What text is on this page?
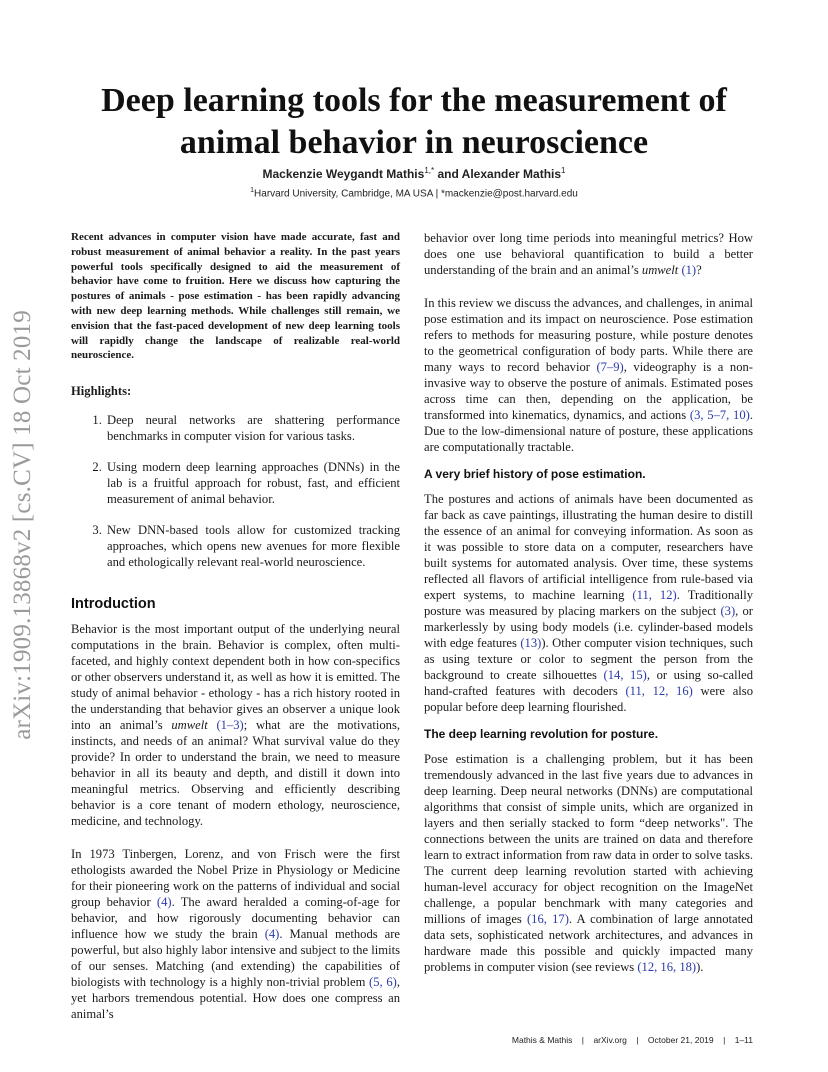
arXiv:1909.13868v2 [cs.CV] 18 Oct 2019
Deep learning tools for the measurement of
animal behavior in neuroscience
Mackenzie Weygandt Mathis$^{1,*}$ and Alexander Mathis$^1$
$^1$Harvard University, Cambridge, MA USA | *mackenzie@post.harvard.edu

Recent advances in computer vision have made accurate, fast and robust measurement of animal behavior a reality. In the past years powerful tools specifically designed to aid the measurement of behavior have come to fruition. Here we discuss how capturing the postures of animals - pose estimation - has been rapidly advancing with new deep learning methods. While challenges still remain, we envision that the fast-paced development of new deep learning tools will rapidly change the landscape of realizable real-world neuroscience.

Highlights:
1. Deep neural networks are shattering performance benchmarks in computer vision for various tasks.
2. Using modern deep learning approaches (DNNs) in the lab is a fruitful approach for robust, fast, and efficient measurement of animal behavior.
3. New DNN-based tools allow for customized tracking approaches, which opens new avenues for more flexible and ethologically relevant real-world neuroscience.
Introduction

Behavior is the most important output of the underlying neural computations in the brain. Behavior is complex, often multi-faceted, and highly context dependent both in how con-specifics or other observers understand it, as well as how it is emitted. The study of animal behavior - ethology - has a rich history rooted in the understanding that behavior gives an observer a unique look into an animal’s umwelt (1–3); what are the motivations, instincts, and needs of an animal? What survival value do they provide? In order to understand the brain, we need to measure behavior in all its beauty and depth, and distill it down into meaningful metrics. Observing and efficiently describing behavior is a core tenant of modern ethology, neuroscience, medicine, and technology.

In 1973 Tinbergen, Lorenz, and von Frisch were the first ethologists awarded the Nobel Prize in Physiology or Medicine for their pioneering work on the patterns of individual and social group behavior (4). The award heralded a coming-of-age for behavior, and how rigorously documenting behavior can influence how we study the brain (4). Manual methods are powerful, but also highly labor intensive and subject to the limits of our senses. Matching (and extending) the capabilities of biologists with technology is a highly non-trivial problem (5, 6), yet harbors tremendous potential. How does one compress an animal’s

behavior over long time periods into meaningful metrics? How does one use behavioral quantification to build a better understanding of the brain and an animal’s umwelt (1)?

In this review we discuss the advances, and challenges, in animal pose estimation and its impact on neuroscience. Pose estimation refers to methods for measuring posture, while posture denotes to the geometrical configuration of body parts. While there are many ways to record behavior (7–9), videography is a non-invasive way to observe the posture of animals. Estimated poses across time can then, depending on the application, be transformed into kinematics, dynamics, and actions (3, 5–7, 10). Due to the low-dimensional nature of posture, these applications are computationally tractable.

A very brief history of pose estimation.

The postures and actions of animals have been documented as far back as cave paintings, illustrating the human desire to distill the essence of an animal for conveying information. As soon as it was possible to store data on a computer, researchers have built systems for automated analysis. Over time, these systems reflected all flavors of artificial intelligence from rule-based via expert systems, to machine learning (11, 12). Traditionally posture was measured by placing markers on the subject (3), or markerlessly by using body models (i.e. cylinder-based models with edge features (13)). Other computer vision techniques, such as using texture or color to segment the person from the background to create silhouettes (14, 15), or using so-called hand-crafted features with decoders (11, 12, 16) were also popular before deep learning flourished.

The deep learning revolution for posture.

Pose estimation is a challenging problem, but it has been tremendously advanced in the last five years due to advances in deep learning. Deep neural networks (DNNs) are computational algorithms that consist of simple units, which are organized in layers and then serially stacked to form “deep networks". The connections between the units are trained on data and therefore learn to extract information from raw data in order to solve tasks. The current deep learning revolution started with achieving human-level accuracy for object recognition on the ImageNet challenge, a popular benchmark with many categories and millions of images (16, 17). A combination of large annotated data sets, sophisticated network architectures, and advances in hardware made this possible and quickly impacted many problems in computer vision (see reviews (12, 16, 18)).

Mathis & Mathis    |    arXiv.org    |    October 21, 2019    |    1–11
